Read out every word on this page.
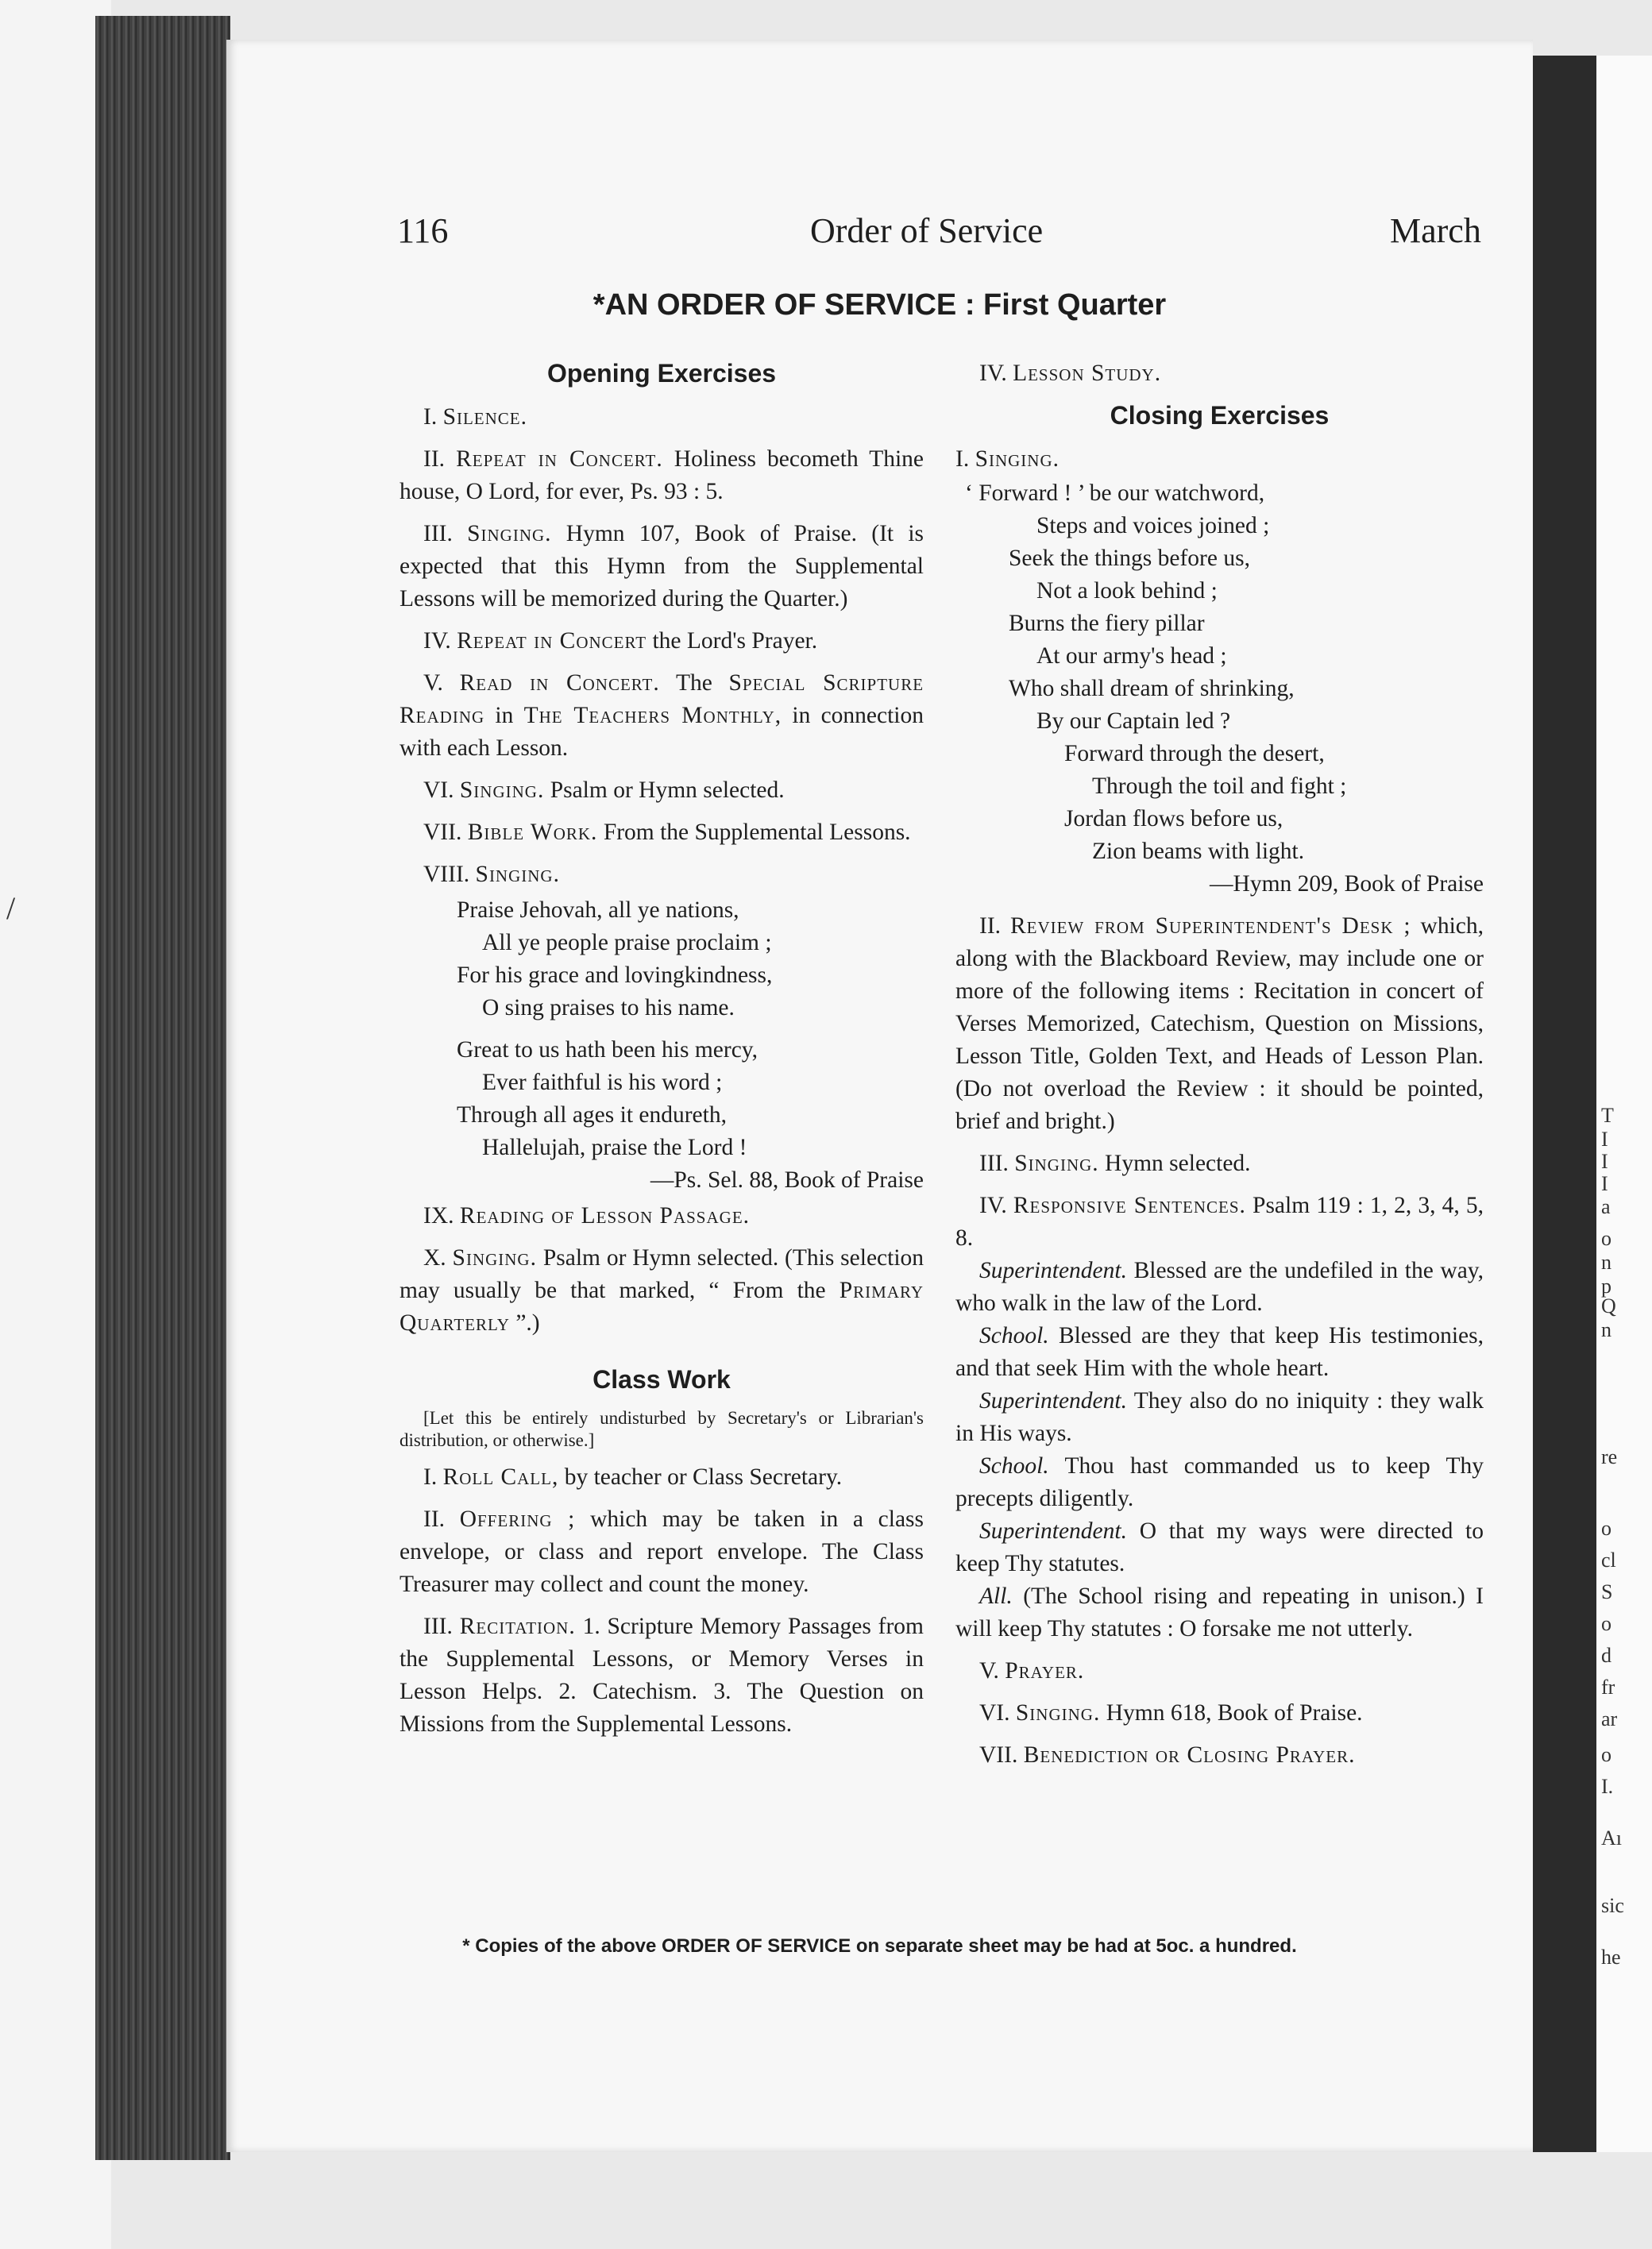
T
I
I
I
a
o
n
p
Q
n
re
o
cl
S
o
d
fr
ar
o
I.
Aı
sic
he
/
116	Order of Service	March
*AN ORDER OF SERVICE : First Quarter
Opening Exercises

I. Silence.

II. Repeat in Concert. Holiness becometh Thine house, O Lord, for ever, Ps. 93 : 5.

III. Singing. Hymn 107, Book of Praise. (It is expected that this Hymn from the Supplemental Lessons will be memorized during the Quarter.)

IV. Repeat in Concert the Lord's Prayer.

V. Read in Concert. The Special Scripture Reading in The Teachers Monthly, in connection with each Lesson.

VI. Singing. Psalm or Hymn selected.

VII. Bible Work. From the Supplemental Lessons.

VIII. Singing.

Praise Jehovah, all ye nations,
All ye people praise proclaim ;
For his grace and lovingkindness,
O sing praises to his name.
Great to us hath been his mercy,
Ever faithful is his word ;
Through all ages it endureth,
Hallelujah, praise the Lord !
—Ps. Sel. 88, Book of Praise

IX. Reading of Lesson Passage.

X. Singing. Psalm or Hymn selected. (This selection may usually be that marked, “ From the Primary Quarterly ”.)

Class Work

[Let this be entirely undisturbed by Secretary's or Librarian's distribution, or otherwise.]

I. Roll Call, by teacher or Class Secretary.

II. Offering ; which may be taken in a class envelope, or class and report envelope. The Class Treasurer may collect and count the money.

III. Recitation. 1. Scripture Memory Passages from the Supplemental Lessons, or Memory Verses in Lesson Helps. 2. Catechism. 3. The Question on Missions from the Supplemental Lessons.

IV. Lesson Study.

Closing Exercises

I. Singing.

‘ Forward ! ’ be our watchword,
Steps and voices joined ;
Seek the things before us,
Not a look behind ;
Burns the fiery pillar
At our army's head ;
Who shall dream of shrinking,
By our Captain led ?
Forward through the desert,
Through the toil and fight ;
Jordan flows before us,
Zion beams with light.
—Hymn 209, Book of Praise

II. Review from Superintendent's Desk ; which, along with the Blackboard Review, may include one or more of the following items : Recitation in concert of Verses Memorized, Catechism, Question on Missions, Lesson Title, Golden Text, and Heads of Lesson Plan. (Do not overload the Review : it should be pointed, brief and bright.)

III. Singing. Hymn selected.

IV. Responsive Sentences. Psalm 119 : 1, 2, 3, 4, 5, 8.

Superintendent. Blessed are the undefiled in the way, who walk in the law of the Lord.

School. Blessed are they that keep His testimonies, and that seek Him with the whole heart.

Superintendent. They also do no iniquity : they walk in His ways.

School. Thou hast commanded us to keep Thy precepts diligently.

Superintendent. O that my ways were directed to keep Thy statutes.

All. (The School rising and repeating in unison.) I will keep Thy statutes : O forsake me not utterly.

V. Prayer.

VI. Singing. Hymn 618, Book of Praise.

VII. Benediction or Closing Prayer.

* Copies of the above ORDER OF SERVICE on separate sheet may be had at 5oc. a hundred.
